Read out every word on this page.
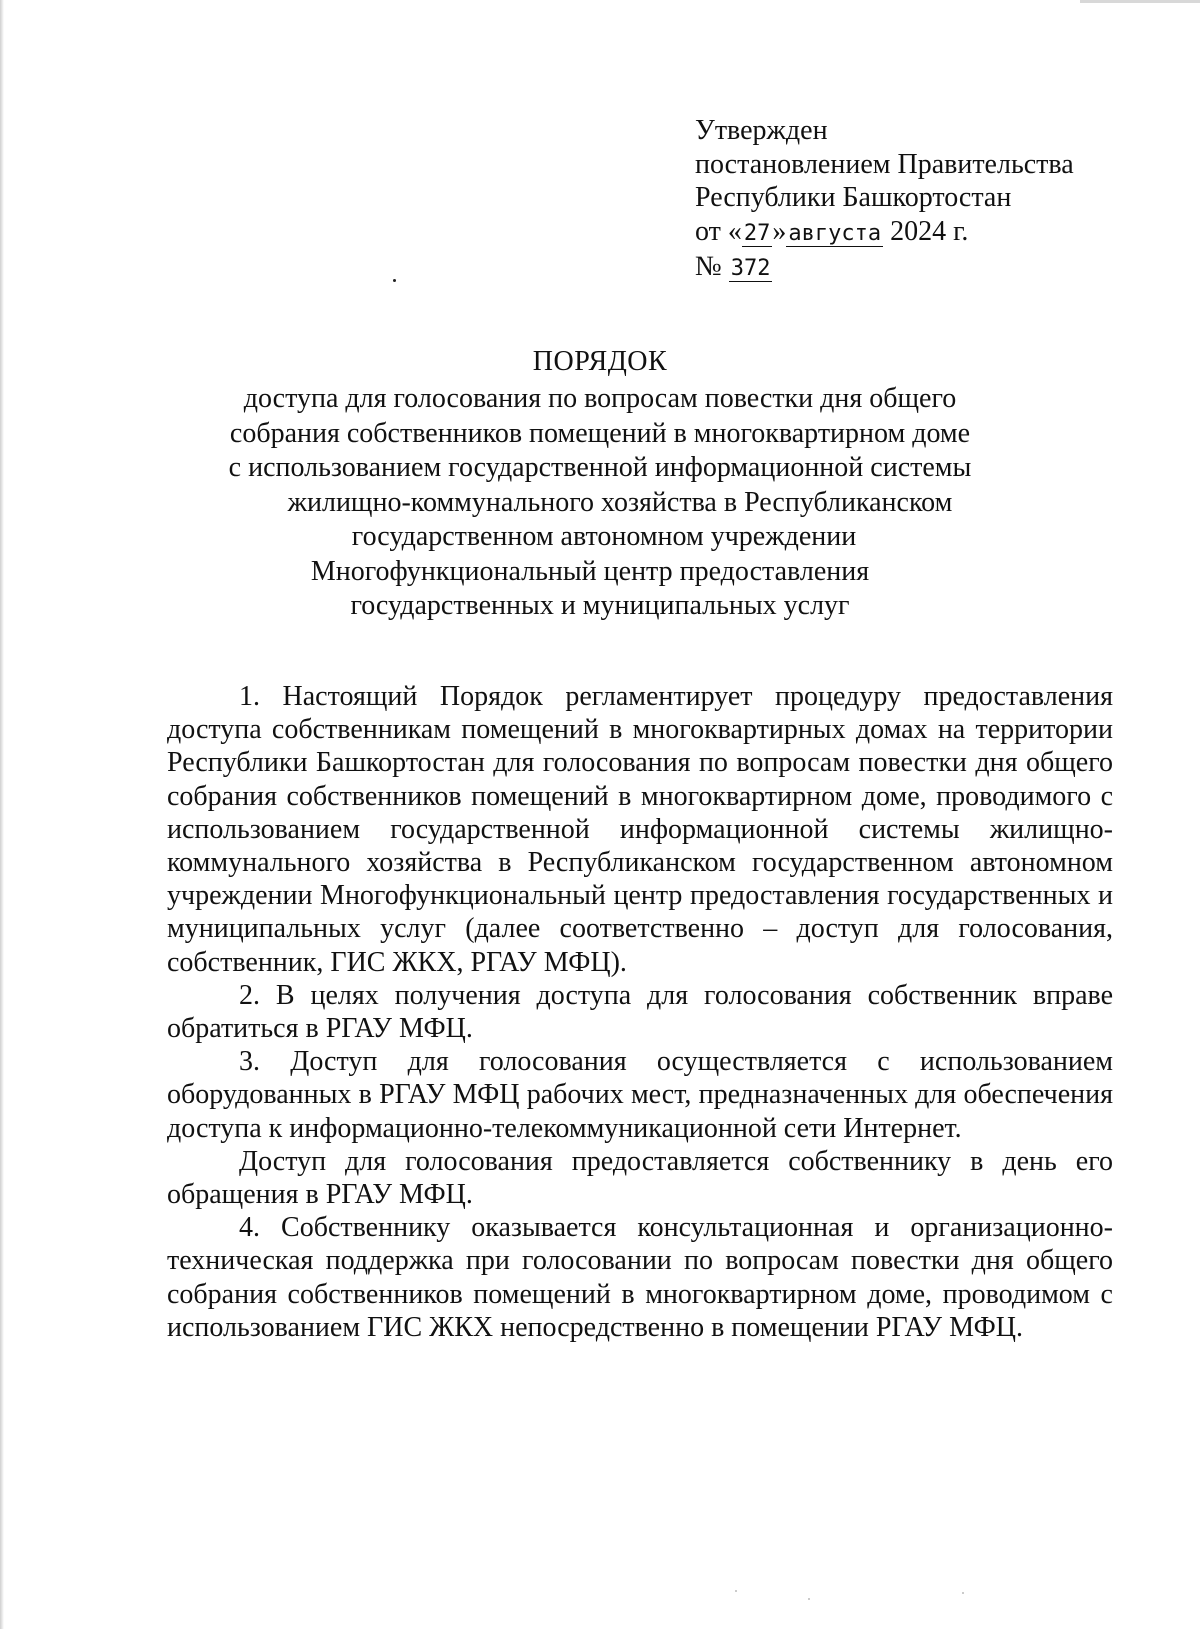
Утвержден
постановлением Правительства
Республики Башкортостан
от «27»августа 2024 г.
№ 372
ПОРЯДОК
доступа для голосования по вопросам повестки дня общего
собрания собственников помещений в многоквартирном доме
с использованием государственной информационной системы
жилищно-коммунального хозяйства в Республиканском
государственном автономном учреждении
Многофункциональный центр предоставления
государственных и муниципальных услуг

1. Настоящий Порядок регламентирует процедуру предоставления доступа собственникам помещений в многоквартирных домах на территории Республики Башкортостан для голосования по вопросам повестки дня общего собрания собственников помещений в многоквартирном доме, проводимого с использованием государственной информационной системы жилищно-коммунального хозяйства в Республиканском государственном автономном учреждении Многофункциональный центр предоставления государственных и муниципальных услуг (далее соответственно – доступ для голосования, собственник, ГИС ЖКХ, РГАУ МФЦ).

2. В целях получения доступа для голосования собственник вправе обратиться в РГАУ МФЦ.

3. Доступ для голосования осуществляется с использованием оборудованных в РГАУ МФЦ рабочих мест, предназначенных для обеспечения доступа к информационно-телекоммуникационной сети Интернет.

Доступ для голосования предоставляется собственнику в день его обращения в РГАУ МФЦ.

4. Собственнику оказывается консультационная и организационно-техническая поддержка при голосовании по вопросам повестки дня общего собрания собственников помещений в многоквартирном доме, проводимом с использованием ГИС ЖКХ непосредственно в помещении РГАУ МФЦ.
